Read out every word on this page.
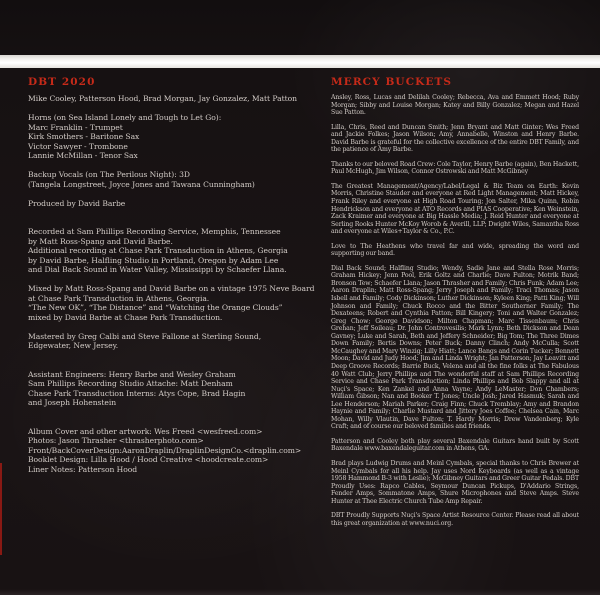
DBT 2020
Mike Cooley, Patterson Hood, Brad Morgan, Jay Gonzalez, Matt Patton
Horns (on Sea Island Lonely and Tough to Let Go):
Marc Franklin - Trumpet
Kirk Smothers - Baritone Sax
Victor Sawyer - Trombone
Lannie McMillan - Tenor Sax
Backup Vocals (on The Perilous Night): 3D
(Tangela Longstreet, Joyce Jones and Tawana Cunningham)
Produced by David Barbe
Recorded at Sam Phillips Recording Service, Memphis, Tennessee
by Matt Ross-Spang and David Barbe.
Additional recording at Chase Park Transduction in Athens, Georgia
by David Barbe, Halfling Studio in Portland, Oregon by Adam Lee
and Dial Back Sound in Water Valley, Mississippi by Schaefer Llana.
Mixed by Matt Ross-Spang and David Barbe on a vintage 1975 Neve Board
at Chase Park Transduction in Athens, Georgia.
“The New OK”, “The Distance” and “Watching the Orange Clouds”
mixed by David Barbe at Chase Park Transduction.
Mastered by Greg Calbi and Steve Fallone at Sterling Sound,
Edgewater, New Jersey.
Assistant Engineers: Henry Barbe and Wesley Graham
Sam Phillips Recording Studio Attache: Matt Denham
Chase Park Transduction Interns: Atys Cope, Brad Hagin
and Joseph Hohenstein
Album Cover and other artwork: Wes Freed <wesfreed.com>
Photos: Jason Thrasher <thrasherphoto.com>
Front/BackCoverDesign:AaronDraplin/DraplinDesignCo.<draplin.com>
Booklet Design: Lilla Hood / Hood Creative <hoodcreate.com>
Liner Notes: Patterson Hood
MERCY BUCKETS
Ansley, Ross, Lucas and Delilah Cooley; Rebecca, Ava and Emmett Hood; Ruby Morgan; Sibby and Louise Morgan; Katey and Billy Gonzalez; Megan and Hazel Sue Patton.
Lilla, Chris, Reed and Duncan Smith; Jenn Bryant and Matt Ginter; Wes Freed and Jackie Folkes; Jason Wilson; Amy, Annabelle, Winston and Henry Barbe. David Barbe is grateful for the collective excellence of the entire DBT Family, and the patience of Amy Barbe.
Thanks to our beloved Road Crew: Cole Taylor, Henry Barbe (again), Ben Hackett, Paul McHugh, Jim Wilson, Connor Ostrowski and Matt McGibney
The Greatest Management/Agency/Label/Legal & Biz Team on Earth: Kevin Morris, Christine Stauder and everyone at Red Light Management; Matt Hickey, Frank Riley and everyone at High Road Touring; Jon Salter, Mika Quinn, Robin Hendrickson and everyone at ATO Records and PIAS Cooperative; Ken Weinstein, Zack Kraimer and everyone at Big Hassle Media; J. Reid Hunter and everyone at Serling Rooks Hunter McKoy Worob & Averill, LLP; Dwight Wiles, Samantha Ross and everyone at Wiles+Taylor & Co., P.C.
Love to The Heathens who travel far and wide, spreading the word and supporting our band.
Dial Back Sound; Halfling Studio; Wendy, Sadie Jane and Stella Rose Morris; Graham Hickey; Jenn Pool, Erik Goltz and Charlie; Dave Fulton; Motrik Band; Bronson Tew; Schaefer Llana; Jason Thrasher and Family; Chris Funk; Adam Lee; Aaron Draplin; Matt Ross-Spang; Jerry Joseph and Family; Traci Thomas; Jason Isbell and Family; Cody Dickinson; Luther Dickinson; Kyleen King; Patti King; Will Johnson and Family; Chuck Rocco and the Bitter Southerner Family; The Dexateens; Robert and Cynthia Patton; Bill Kingery; Toni and Walter Gonzalez; Greg Chow; George Davidson; Milton Chapman; Marc Tissenbaum; Chris Grehan; Jeff Soileau; Dr. John Controvesilis; Mark Lynn; Beth Dickson and Dean Gavney; Luke and Sarah, Beth and Jeffery Schneider; Big Tom; The Three Dimes Down Family; Bertis Downs; Peter Buck; Danny Clinch; Andy McCulla; Scott McCaughey and Mary Winzig; Lilly Hiatt; Lance Bangs and Corin Tucker; Bennett Moon; David and Judy Hood; Jim and Linda Wright; Jan Patterson; Jay Leavitt and Deep Groove Records; Barrie Buck, Velena and all the fine folks at The Fabulous 40 Watt Club; Jerry Phillips and The wonderful staff at Sam Phillips Recording Service and Chase Park Transduction; Linda Phillips and Bob Slappy and all at Nuçi's Space; Ken Zankel and Anna Vayne; Andy LeMaster; Don Chambers; William Gibson; Nan and Booker T. Jones; Uncle Josh; Jared Hasmuk; Sarah and Lee Henderson; Mariah Parker; Craig Finn; Chuck Tremblay; Amy and Brandon Haynie and Family; Charlie Mustard and Jittery Joes Coffee; Chelsea Cain, Marc Mohan, Willy Vlautin, Dave Fulton; T. Hardy Morris; Drew Vandenberg; Kyle Craft; and of course our beloved families and friends.
Patterson and Cooley both play several Baxendale Guitars hand built by Scott Baxendale www.baxendaleguitar.com in Athens, GA.
Brad plays Ludwig Drums and Meinl Cymbals, special thanks to Chris Brewer at Meinl Cymbals for all his help. Jay uses Nord Keyboards (as well as a vintage 1958 Hammond B-3 with Leslie); McGibney Guitars and Greer Guitar Pedals. DBT Proudly Uses: Rapco Cables, Seymour Duncan Pickups, D'Addario Strings, Fender Amps, Sommatone Amps, Shure Microphones and Steve Amps. Steve Hunter at Thee Electric Church Tube Amp Repair.
DBT Proudly Supports Nuçi's Space Artist Resource Center. Please read all about this great organization at www.nuci.org.
